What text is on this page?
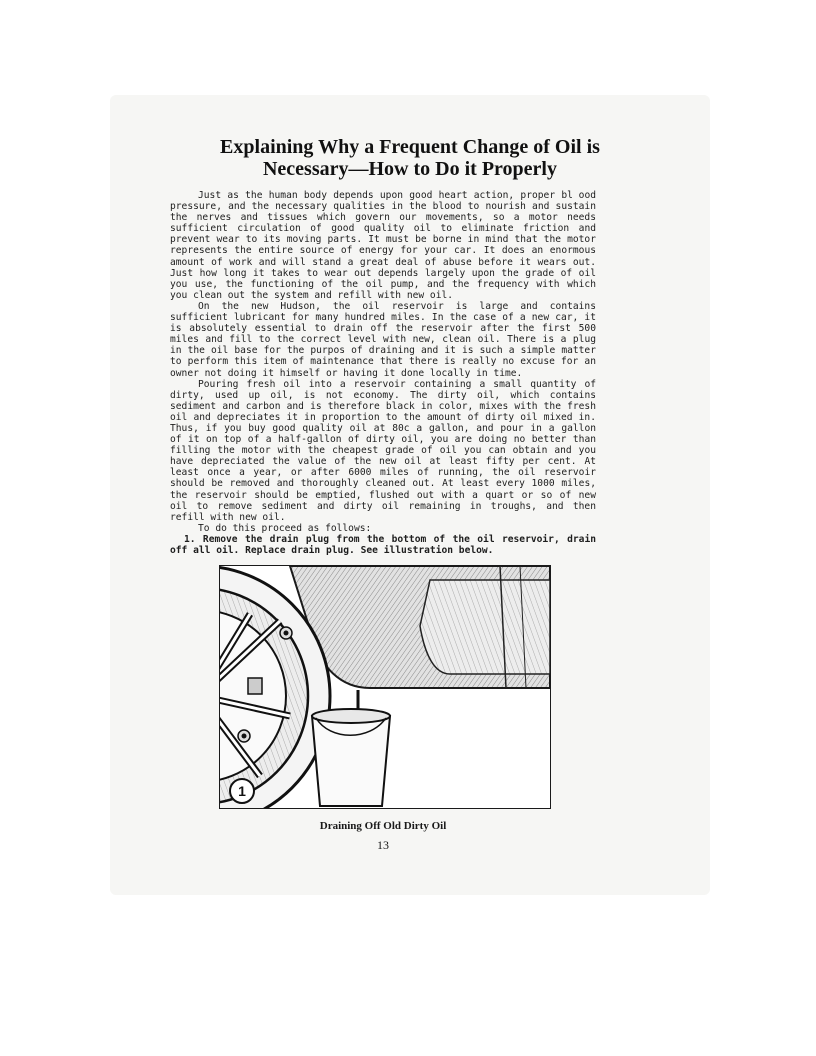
Explaining Why a Frequent Change of Oil is
Necessary—How to Do it Properly

Just as the human body depends upon good heart action, proper bl ood pressure, and the necessary qualities in the blood to nourish and sustain the nerves and tissues which govern our movements, so a motor needs sufficient circulation of good quality oil to eliminate friction and prevent wear to its moving parts. It must be borne in mind that the motor represents the entire source of energy for your car. It does an enormous amount of work and will stand a great deal of abuse before it wears out. Just how long it takes to wear out depends largely upon the grade of oil you use, the functioning of the oil pump, and the frequency with which you clean out the system and refill with new oil.

On the new Hudson, the oil reservoir is large and contains sufficient lubricant for many hundred miles. In the case of a new car, it is absolutely essential to drain off the reservoir after the first 500 miles and fill to the correct level with new, clean oil. There is a plug in the oil base for the purpos of draining and it is such a simple matter to perform this item of maintenance that there is really no excuse for an owner not doing it himself or having it done locally in time.

Pouring fresh oil into a reservoir containing a small quantity of dirty, used up oil, is not economy. The dirty oil, which contains sediment and carbon and is therefore black in color, mixes with the fresh oil and depreciates it in proportion to the amount of dirty oil mixed in. Thus, if you buy good quality oil at 80c a gallon, and pour in a gallon of it on top of a half-gallon of dirty oil, you are doing no better than filling the motor with the cheapest grade of oil you can obtain and you have depreciated the value of the new oil at least fifty per cent. At least once a year, or after 6000 miles of running, the oil reservoir should be removed and thoroughly cleaned out. At least every 1000 miles, the reservoir should be emptied, flushed out with a quart or so of new oil to remove sediment and dirty oil remaining in troughs, and then refill with new oil.

To do this proceed as follows:

1. Remove the drain plug from the bottom of the oil reservoir, drain off all oil. Replace drain plug. See illustration below.

1
Draining Off Old Dirty Oil
13
